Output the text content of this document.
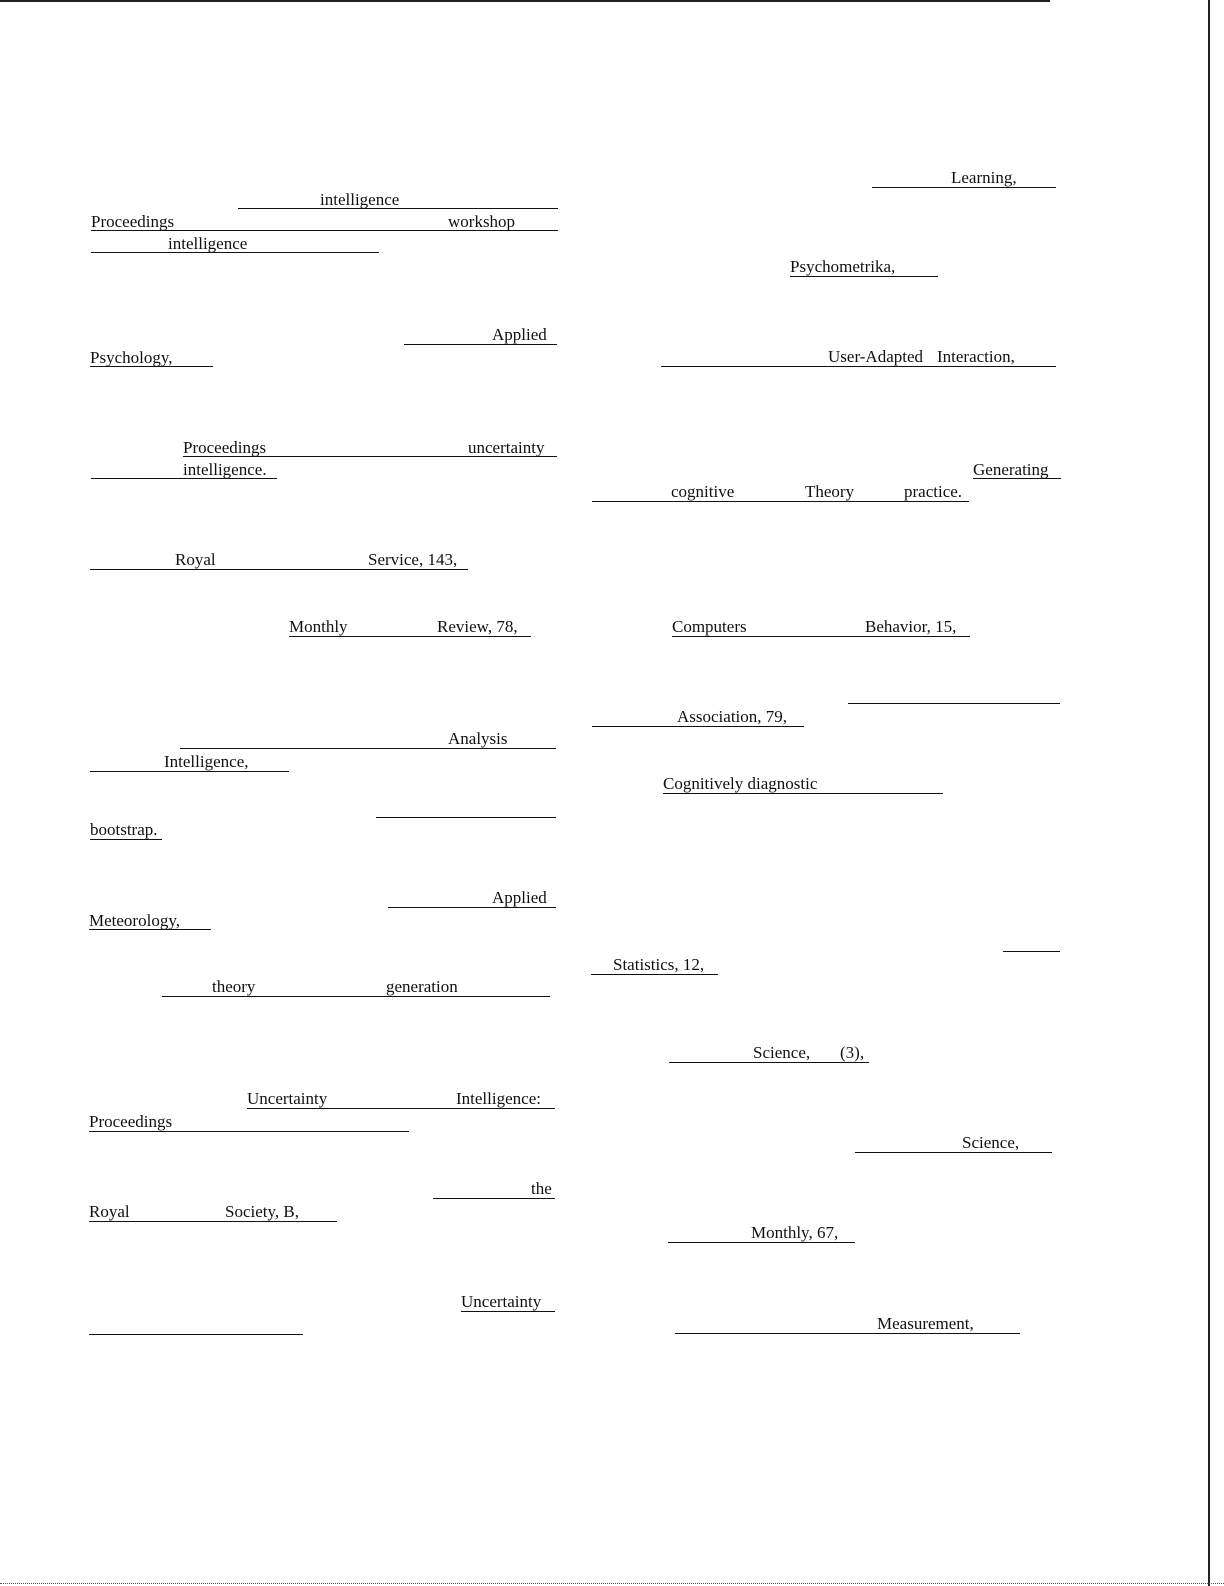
intelligence
Proceedings	workshop
intelligence
Applied
Psychology,
Proceedings	uncertainty
intelligence.
Royal	Service, 143,
Monthly	Review, 78,
Analysis
Intelligence,
bootstrap.
Applied
Meteorology,
theory	generation
Uncertainty	Intelligence:
Proceedings
the
Royal	Society, B,
Uncertainty
Learning,
Psychometrika,
User-Adapted Interaction,
Generating
cognitive	Theory	practice.
Computers	Behavior, 15,
Association, 79,
Cognitively diagnostic
Statistics, 12,
Science, (3),
Science,
Monthly, 67,
Measurement,
